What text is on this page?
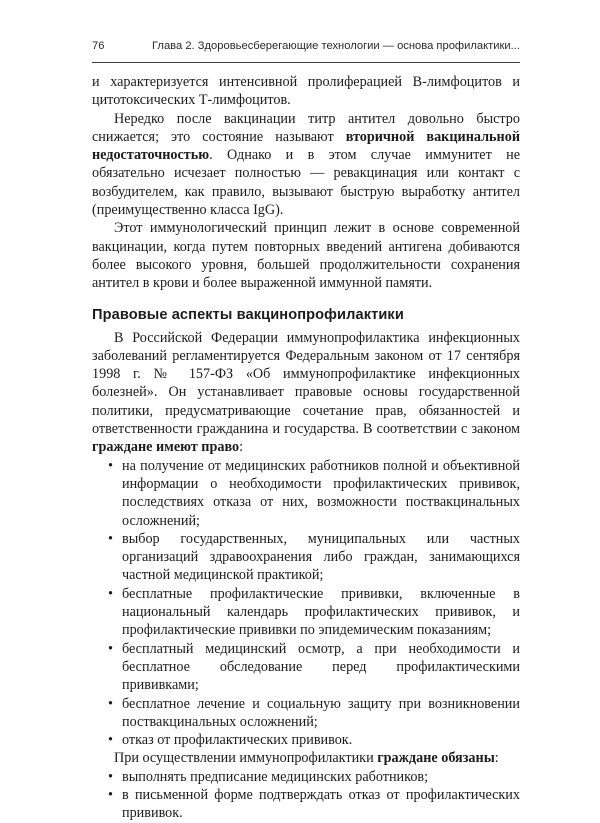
76	Глава 2. Здоровьесберегающие технологии — основа профилактики...

и характеризуется интенсивной пролиферацией В-лимфоцитов и цитотоксических Т-лимфоцитов.

Нередко после вакцинации титр антител довольно быстро снижается; это состояние называют вторичной вакцинальной недостаточностью. Однако и в этом случае иммунитет не обязательно исчезает полностью — ревакцинация или контакт с возбудителем, как правило, вызывают быструю выработку антител (преимущественно класса IgG).

Этот иммунологический принцип лежит в основе современной вакцинации, когда путем повторных введений антигена добиваются более высокого уровня, большей продолжительности сохранения антител в крови и более выраженной иммунной памяти.

Правовые аспекты вакцинопрофилактики

В Российской Федерации иммунопрофилактика инфекционных заболеваний регламентируется Федеральным законом от 17 сентября 1998 г. № 157-ФЗ «Об иммунопрофилактике инфекционных болезней». Он устанавливает правовые основы государственной политики, предусматривающие сочетание прав, обязанностей и ответственности гражданина и государства. В соответствии с законом граждане имеют право:

• на получение от медицинских работников полной и объективной информации о необходимости профилактических прививок, последствиях отказа от них, возможности поствакцинальных осложнений;
• выбор государственных, муниципальных или частных организаций здравоохранения либо граждан, занимающихся частной медицинской практикой;
• бесплатные профилактические прививки, включенные в национальный календарь профилактических прививок, и профилактические прививки по эпидемическим показаниям;
• бесплатный медицинский осмотр, а при необходимости и бесплатное обследование перед профилактическими прививками;
• бесплатное лечение и социальную защиту при возникновении поствакцинальных осложнений;
• отказ от профилактических прививок.

При осуществлении иммунопрофилактики граждане обязаны:

• выполнять предписание медицинских работников;
• в письменной форме подтверждать отказ от профилактических прививок.
